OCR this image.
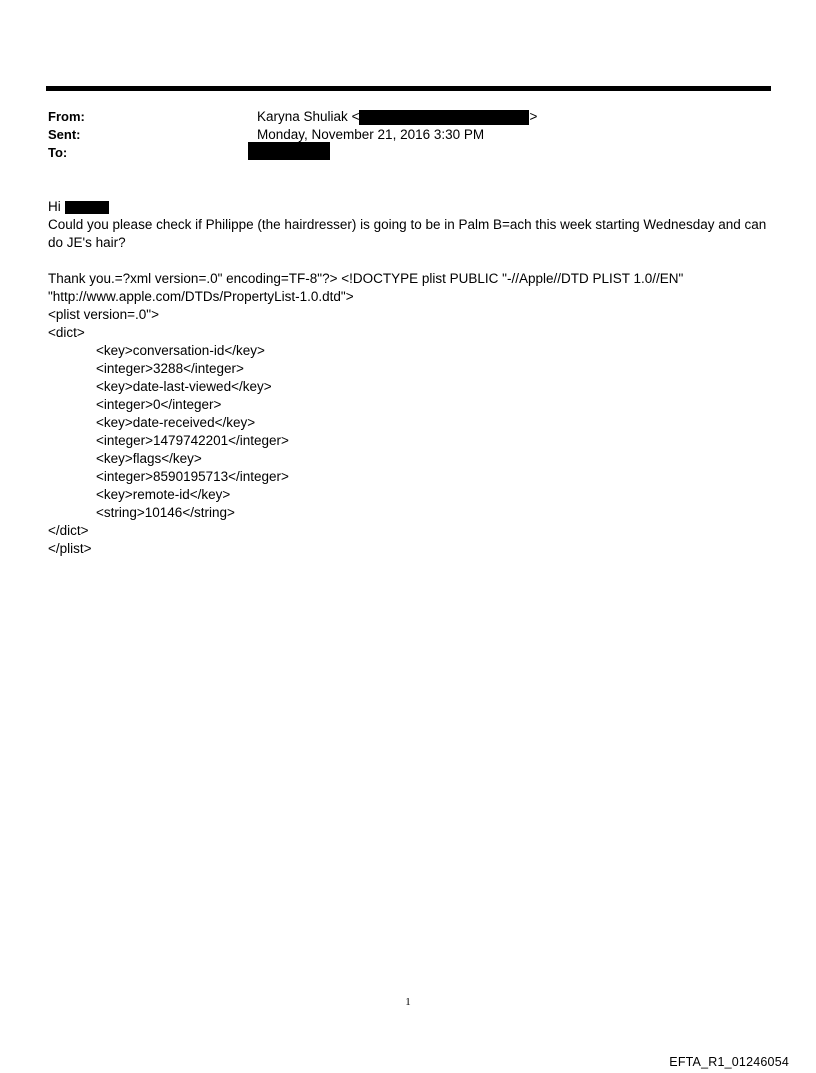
From:
Sent:
To:
Karyna Shuliak <	>
Monday, November 21, 2016 3:30 PM

Hi

Could you please check if Philippe (the hairdresser) is going to be in Palm B=ach this week starting Wednesday and can do JE's hair?

Thank you.=?xml version=.0" encoding=TF-8"?> <!DOCTYPE plist PUBLIC "-//Apple//DTD PLIST 1.0//EN"

"http://www.apple.com/DTDs/PropertyList-1.0.dtd">

<plist version=.0">

<dict>

<key>conversation-id</key>

<integer>3288</integer>

<key>date-last-viewed</key>

<integer>0</integer>

<key>date-received</key>

<integer>1479742201</integer>

<key>flags</key>

<integer>8590195713</integer>

<key>remote-id</key>

<string>10146</string>

</dict>

</plist>

1
EFTA_R1_01246054
